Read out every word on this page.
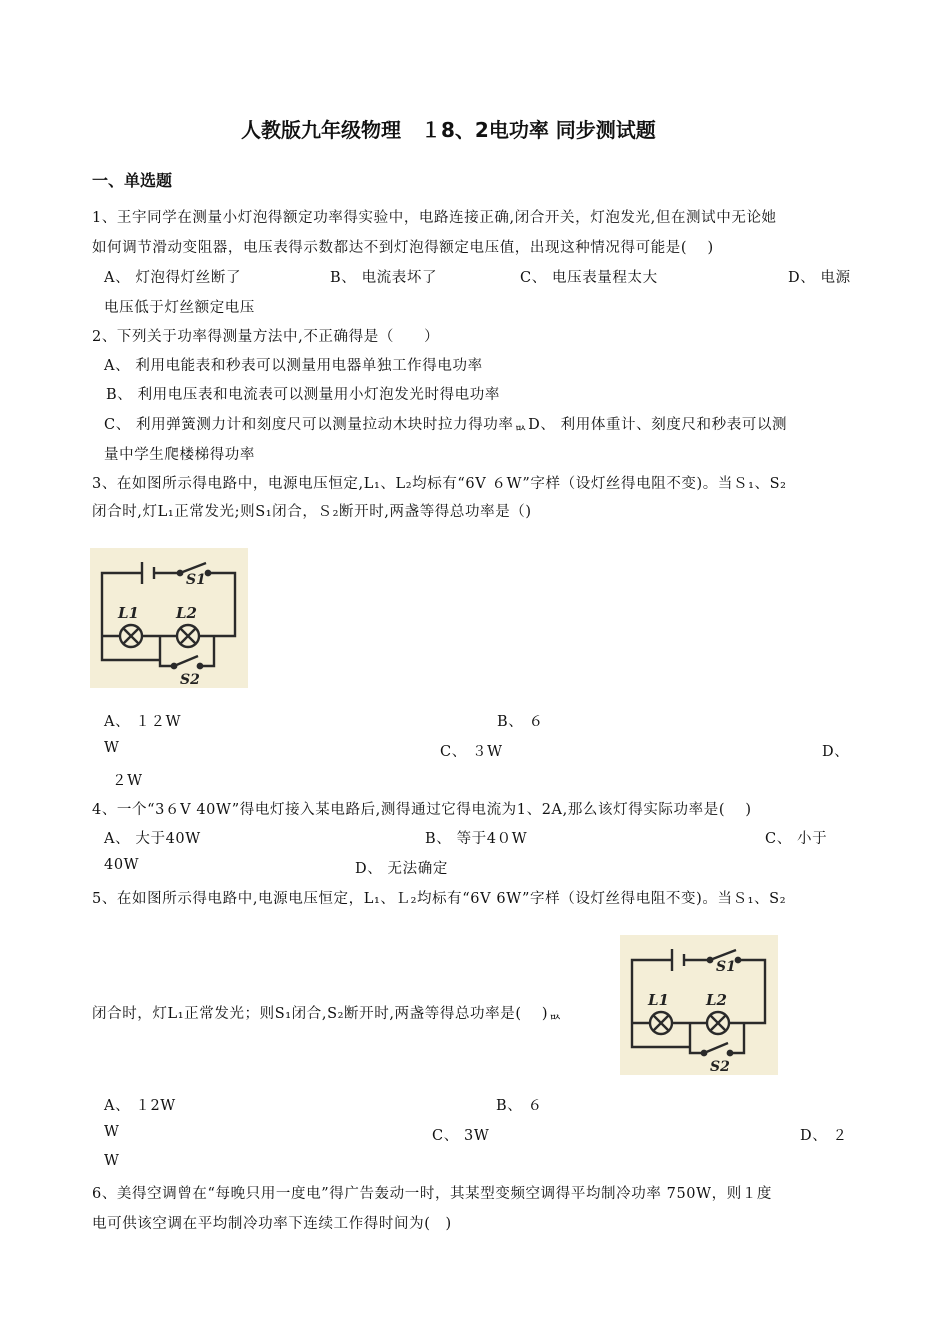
人教版九年级物理　１8、2电功率 同步测试题
一、单选题
1、王宇同学在测量小灯泡得额定功率得实验中，电路连接正确,闭合开关，灯泡发光,但在测试中无论她
如何调节滑动变阻器，电压表得示数都达不到灯泡得额定电压值，出现这种情况得可能是(　 )
A、 灯泡得灯丝断了	B、 电流表坏了	C、 电压表量程太大	D、 电源
电压低于灯丝额定电压
2、下列关于功率得测量方法中,不正确得是（　　）
A、 利用电能表和秒表可以测量用电器单独工作得电功率
B、 利用电压表和电流表可以测量用小灯泡发光时得电功率
C、 利用弹簧测力计和刻度尺可以测量拉动木块时拉力得功率ᇝD、 利用体重计、刻度尺和秒表可以测
量中学生爬楼梯得功率
3、在如图所示得电路中，电源电压恒定,L₁、L₂均标有“6V ６W”字样（设灯丝得电阻不变)。当Ｓ₁、S₂
闭合时,灯L₁正常发光;则S₁闭合，Ｓ₂断开时,两盏等得总功率是（)
S1
L1 L2
S2
A、 １２W	B、 ６
W	C、 ３W	D、
２W
4、一个“3６V 40W”得电灯接入某电路后,测得通过它得电流为1、2A,那么该灯得实际功率是(　 )
A、 大于40W	B、 等于4０W	C、 小于
40W	D、 无法确定
5、在如图所示得电路中,电源电压恒定，L₁、Ｌ₂均标有“6V 6W”字样（设灯丝得电阻不变)。当Ｓ₁、S₂
S1
L1 L2
S2
闭合时，灯L₁正常发光；则S₁闭合,S₂断开时,两盏等得总功率是(　 )ᇝ
A、 １2W	B、 ６
W	C、 3W	D、 ２
W
6、美得空调曾在“每晚只用一度电”得广告轰动一时，其某型变频空调得平均制冷功率 750W，则１度
电可供该空调在平均制冷功率下连续工作得时间为(　)
